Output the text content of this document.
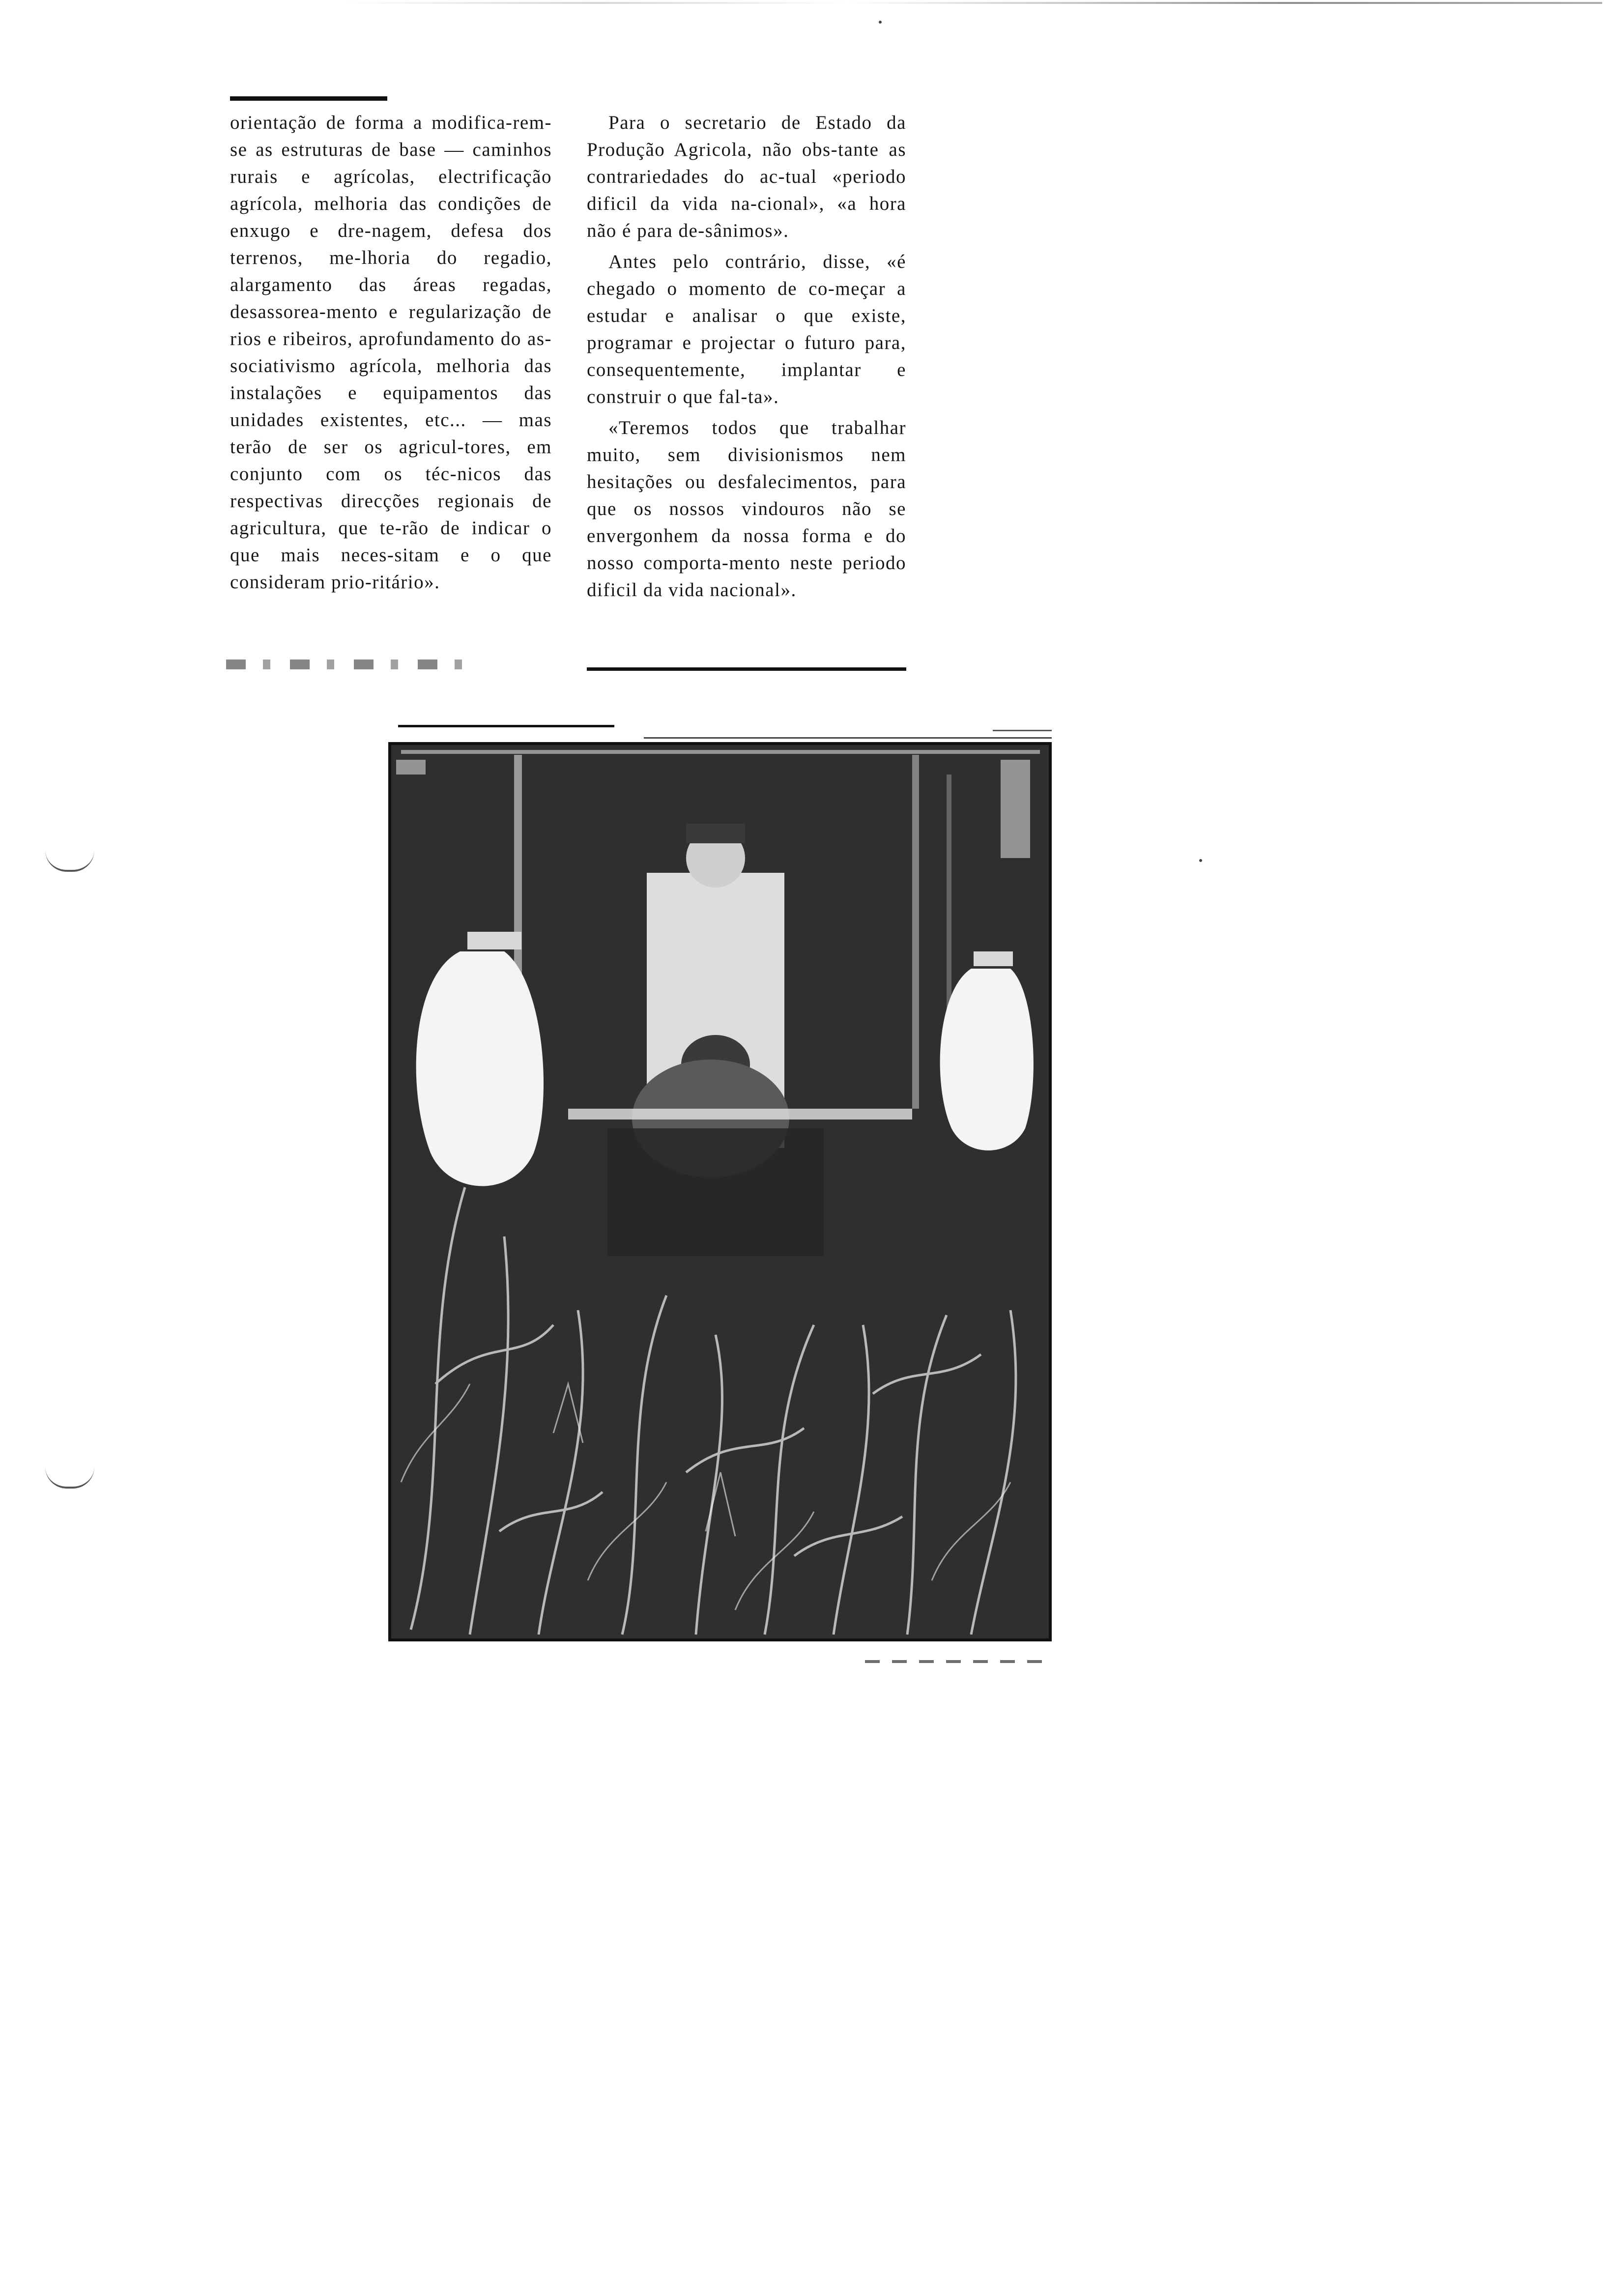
orientação de forma a modifica-rem-se as estruturas de base — caminhos rurais e agrícolas, electrificação agrícola, melhoria das condições de enxugo e dre-nagem, defesa dos terrenos, me-lhoria do regadio, alargamento das áreas regadas, desassorea-mento e regularização de rios e ribeiros, aprofundamento do as-sociativismo agrícola, melhoria das instalações e equipamentos das unidades existentes, etc... — mas terão de ser os agricul-tores, em conjunto com os téc-nicos das respectivas direcções regionais de agricultura, que te-rão de indicar o que mais neces-sitam e o que consideram prio-ritário».

Para o secretario de Estado da Produção Agricola, não obs-tante as contrariedades do ac-tual «periodo dificil da vida na-cional», «a hora não é para de-sânimos».

Antes pelo contrário, disse, «é chegado o momento de co-meçar a estudar e analisar o que existe, programar e projectar o futuro para, consequentemente, implantar e construir o que fal-ta».

«Teremos todos que trabalhar muito, sem divisionismos nem hesitações ou desfalecimentos, para que os nossos vindouros não se envergonhem da nossa forma e do nosso comporta-mento neste periodo dificil da vida nacional».
